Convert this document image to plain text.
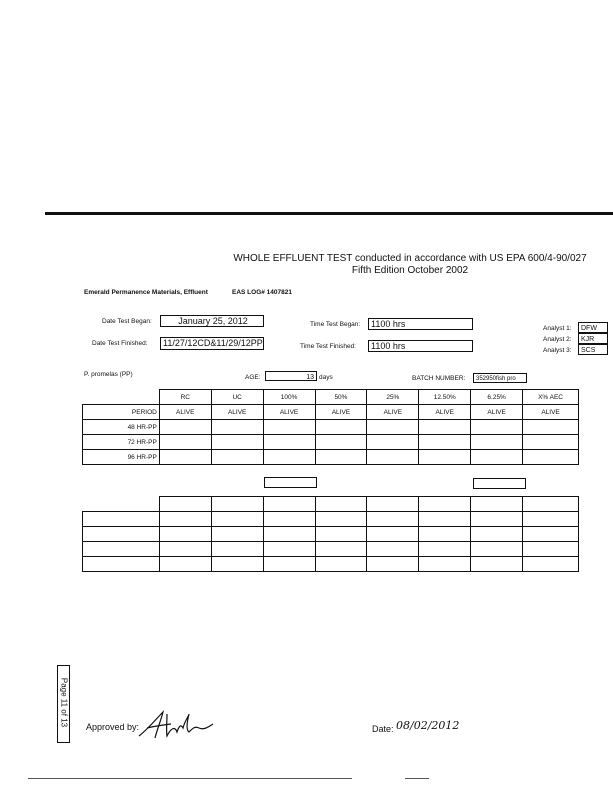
WHOLE EFFLUENT TEST conducted in accordance with US EPA 600/4-90/027
Fifth Edition October 2002
Emerald Permanence Materials, Effluent	EAS LOG# 1407821
Date Test Began:	January 25, 2012
Date Test Finished:	11/27/12CD&11/29/12PP
Time Test Began:	1100 hrs
Time Test Finished:	1100 hrs
Analyst 1:	DFW
Analyst 2:	KJR
Analyst 3:	SCS
P. promelas (PP)	AGE:	13 days	BATCH NUMBER:	352950fish pro
	RC	UC	100%	50%	25%	12.50%	6.25%	X% AEC
PERIOD	ALIVE	ALIVE	ALIVE	ALIVE	ALIVE	ALIVE	ALIVE	ALIVE
48 HR-PP								
72 HR-PP								
96 HR-PP								

Page 11 of 13 Approved by:	Date: 08/02/2012
